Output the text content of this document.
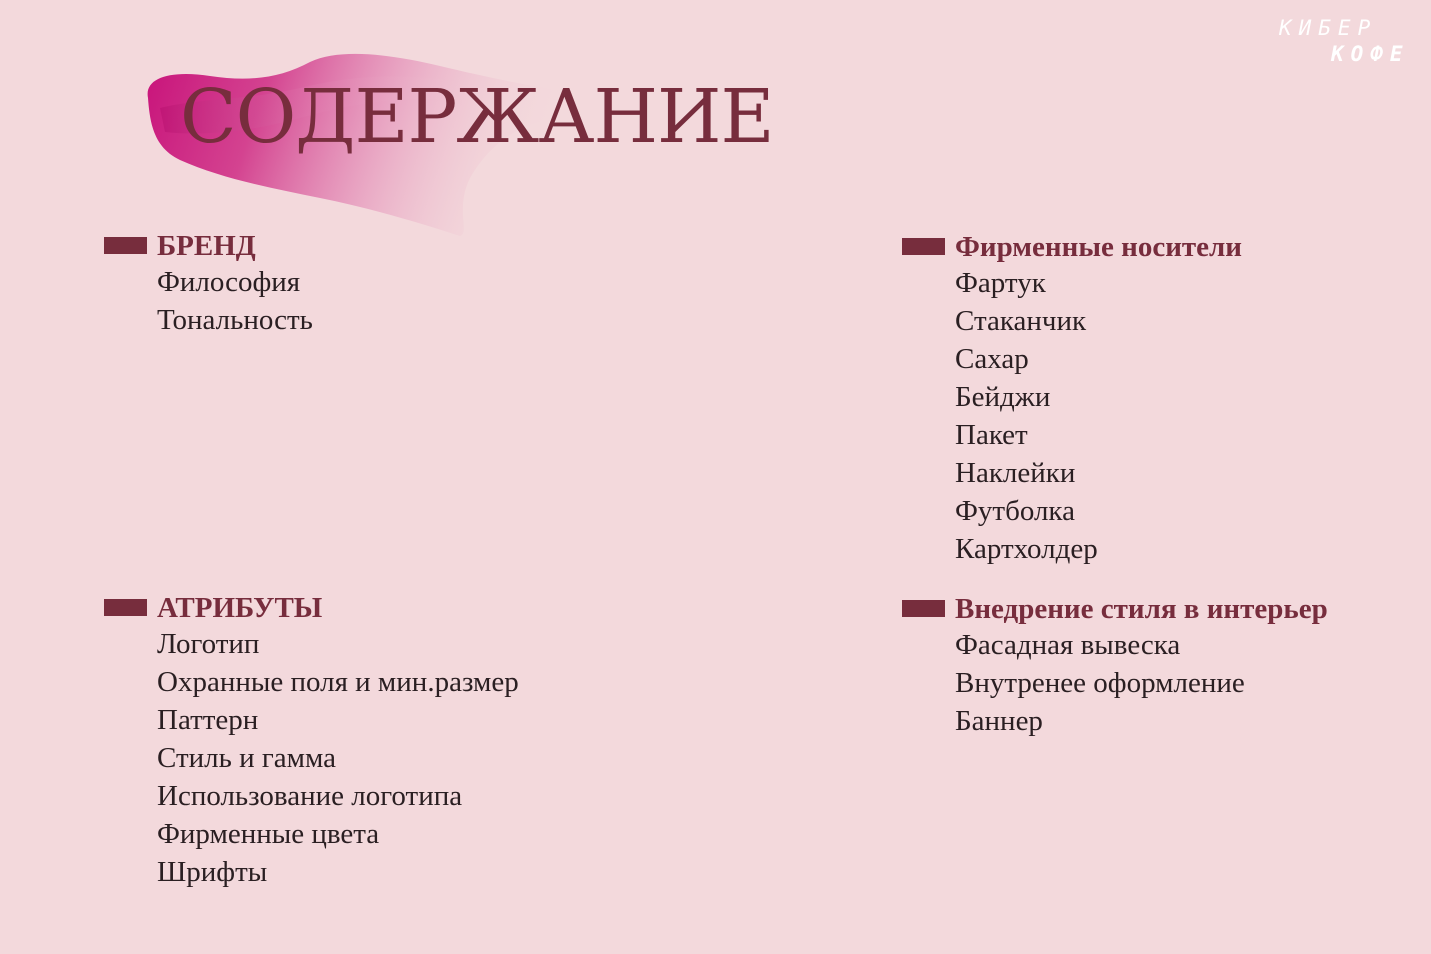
СОДЕРЖАНИЕ
КИБЕР
КОФЕ
БРЕНД
Философия
Тональность
АТРИБУТЫ
Логотип
Охранные поля и мин.размер
Паттерн
Стиль и гамма
Использование логотипа
Фирменные цвета
Шрифты
Фирменные носители
Фартук
Стаканчик
Сахар
Бейджи
Пакет
Наклейки
Футболка
Картхолдер
Внедрение стиля в интерьер
Фасадная вывеска
Внутренее оформление
Баннер
